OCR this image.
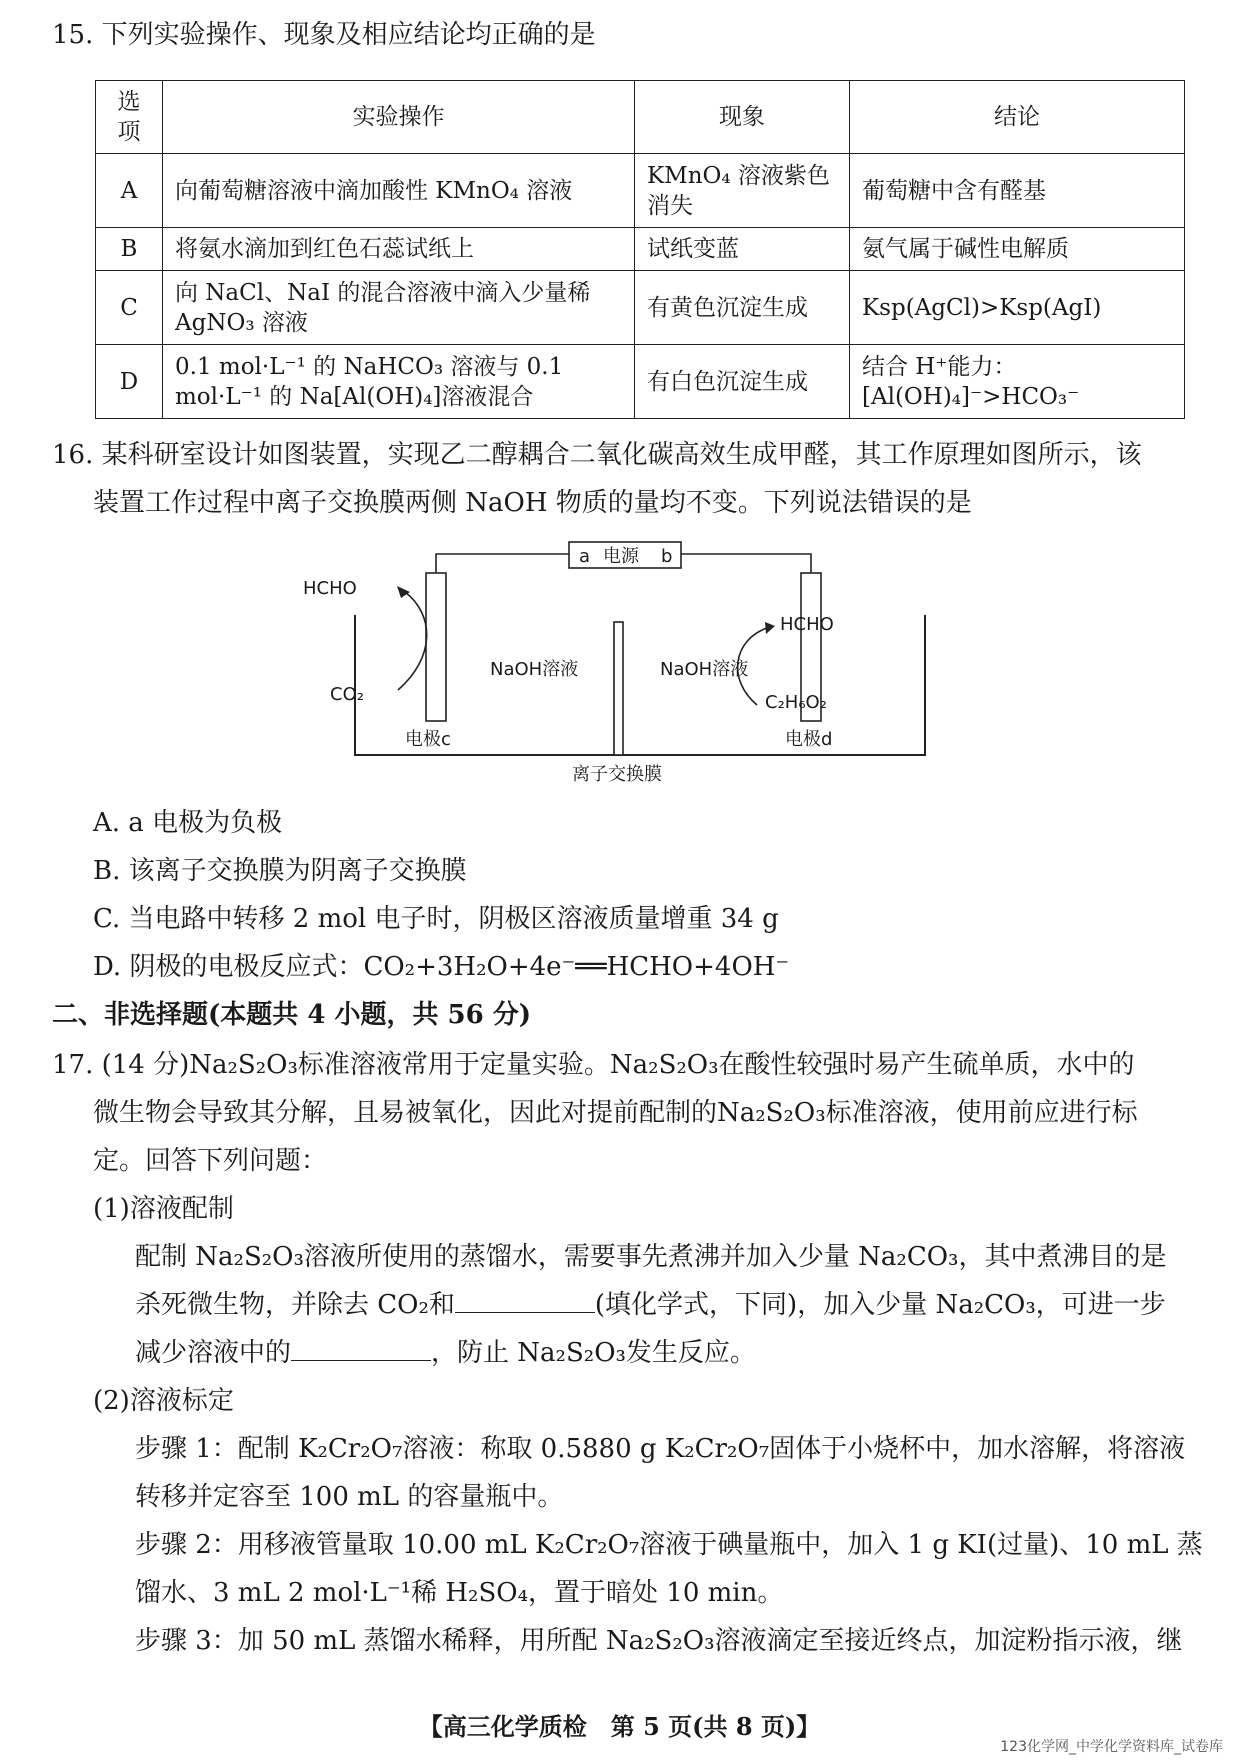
15. 下列实验操作、现象及相应结论均正确的是
选项	实验操作	现象	结论
A	向葡萄糖溶液中滴加酸性 KMnO₄ 溶液	KMnO₄ 溶液紫色消失	葡萄糖中含有醛基
B	将氨水滴加到红色石蕊试纸上	试纸变蓝	氨气属于碱性电解质
C	向 NaCl、NaI 的混合溶液中滴入少量稀 AgNO₃ 溶液	有黄色沉淀生成	Ksp(AgCl)>Ksp(AgI)
D	0.1 mol·L⁻¹ 的 NaHCO₃ 溶液与 0.1 mol·L⁻¹ 的 Na[Al(OH)₄]溶液混合	有白色沉淀生成	结合 H⁺能力：[Al(OH)₄]⁻>HCO₃⁻
16. 某科研室设计如图装置，实现乙二醇耦合二氧化碳高效生成甲醛，其工作原理如图所示，该
装置工作过程中离子交换膜两侧 NaOH 物质的量均不变。下列说法错误的是
a 电源 b
HCHO
CO₂
HCHO
C₂H₆O₂
NaOH溶液	NaOH溶液
电极c	电极d
离子交换膜
A. a 电极为负极
B. 该离子交换膜为阴离子交换膜
C. 当电路中转移 2 mol 电子时，阴极区溶液质量增重 34 g
D. 阴极的电极反应式：CO₂+3H₂O+4e⁻══HCHO+4OH⁻
二、非选择题(本题共 4 小题，共 56 分)
17. (14 分)Na₂S₂O₃标准溶液常用于定量实验。Na₂S₂O₃在酸性较强时易产生硫单质，水中的
微生物会导致其分解，且易被氧化，因此对提前配制的Na₂S₂O₃标准溶液，使用前应进行标
定。回答下列问题：
(1)溶液配制
配制 Na₂S₂O₃溶液所使用的蒸馏水，需要事先煮沸并加入少量 Na₂CO₃，其中煮沸目的是
杀死微生物，并除去 CO₂和	(填化学式，下同)，加入少量 Na₂CO₃，可进一步
减少溶液中的	，防止 Na₂S₂O₃发生反应。
(2)溶液标定
步骤 1：配制 K₂Cr₂O₇溶液：称取 0.5880 g K₂Cr₂O₇固体于小烧杯中，加水溶解，将溶液
转移并定容至 100 mL 的容量瓶中。
步骤 2：用移液管量取 10.00 mL K₂Cr₂O₇溶液于碘量瓶中，加入 1 g KI(过量)、10 mL 蒸
馏水、3 mL 2 mol·L⁻¹稀 H₂SO₄，置于暗处 10 min。
步骤 3：加 50 mL 蒸馏水稀释，用所配 Na₂S₂O₃溶液滴定至接近终点，加淀粉指示液，继
【高三化学质检　第 5 页(共 8 页)】
123化学网_中学化学资料库_试卷库
